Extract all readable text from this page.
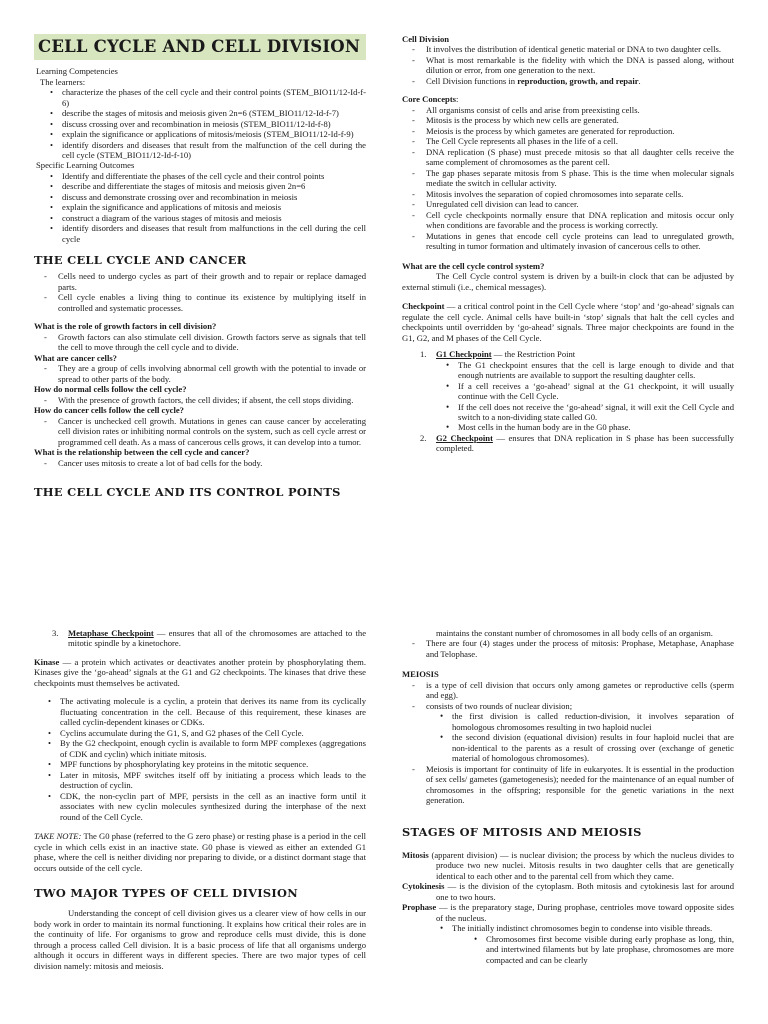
CELL CYCLE AND CELL DIVISION

Learning Competencies

The learners:

• characterize the phases of the cell cycle and their control points (STEM_BIO11/12-Id-f-6)
• describe the stages of mitosis and meiosis given 2n=6 (STEM_BIO11/12-Id-f-7)
• discuss crossing over and recombination in meiosis (STEM_BIO11/12-Id-f-8)
• explain the significance or applications of mitosis/meiosis (STEM_BIO11/12-Id-f-9)
• identify disorders and diseases that result from the malfunction of the cell during the cell cycle (STEM_BIO11/12-Id-f-10)

Specific Learning Outcomes

• Identify and differentiate the phases of the cell cycle and their control points
• describe and differentiate the stages of mitosis and meiosis given 2n=6
• discuss and demonstrate crossing over and recombination in meiosis
• explain the significance and applications of mitosis and meiosis
• construct a diagram of the various stages of mitosis and meiosis
• identify disorders and diseases that result from malfunctions in the cell during the cell cycle
THE CELL CYCLE AND CANCER
- Cells need to undergo cycles as part of their growth and to repair or replace damaged parts.
- Cell cycle enables a living thing to continue its existence by multiplying itself in controlled and systematic processes.

What is the role of growth factors in cell division?

- Growth factors can also stimulate cell division. Growth factors serve as signals that tell the cell to move through the cell cycle and to divide.

What are cancer cells?

- They are a group of cells involving abnormal cell growth with the potential to invade or spread to other parts of the body.

How do normal cells follow the cell cycle?

- With the presence of growth factors, the cell divides; if absent, the cell stops dividing.

How do cancer cells follow the cell cycle?

- Cancer is unchecked cell growth. Mutations in genes can cause cancer by accelerating cell division rates or inhibiting normal controls on the system, such as cell cycle arrest or programmed cell death. As a mass of cancerous cells grows, it can develop into a tumor.

What is the relationship between the cell cycle and cancer?

- Cancer uses mitosis to create a lot of bad cells for the body.
THE CELL CYCLE AND ITS CONTROL POINTS

Cell Division

- It involves the distribution of identical genetic material or DNA to two daughter cells.
- What is most remarkable is the fidelity with which the DNA is passed along, without dilution or error, from one generation to the next.
- Cell Division functions in reproduction, growth, and repair.

Core Concepts:

- All organisms consist of cells and arise from preexisting cells.
- Mitosis is the process by which new cells are generated.
- Meiosis is the process by which gametes are generated for reproduction.
- The Cell Cycle represents all phases in the life of a cell.
- DNA replication (S phase) must precede mitosis so that all daughter cells receive the same complement of chromosomes as the parent cell.
- The gap phases separate mitosis from S phase. This is the time when molecular signals mediate the switch in cellular activity.
- Mitosis involves the separation of copied chromosomes into separate cells.
- Unregulated cell division can lead to cancer.
- Cell cycle checkpoints normally ensure that DNA replication and mitosis occur only when conditions are favorable and the process is working correctly.
- Mutations in genes that encode cell cycle proteins can lead to unregulated growth, resulting in tumor formation and ultimately invasion of cancerous cells to other.

What are the cell cycle control system?

The Cell Cycle control system is driven by a built-in clock that can be adjusted by external stimuli (i.e., chemical messages).

Checkpoint — a critical control point in the Cell Cycle where ‘stop’ and ‘go-ahead’ signals can regulate the cell cycle. Animal cells have built-in ‘stop’ signals that halt the cell cycles and checkpoints until overridden by ‘go-ahead’ signals. Three major checkpoints are found in the G1, G2, and M phases of the Cell Cycle.

1. G1 Checkpoint — the Restriction Point
• The G1 checkpoint ensures that the cell is large enough to divide and that enough nutrients are available to support the resulting daughter cells.
• If a cell receives a ‘go-ahead’ signal at the G1 checkpoint, it will usually continue with the Cell Cycle.
• If the cell does not receive the ‘go-ahead’ signal, it will exit the Cell Cycle and switch to a non-dividing state called G0.
• Most cells in the human body are in the G0 phase.
2. G2 Checkpoint — ensures that DNA replication in S phase has been successfully completed.
3. Metaphase Checkpoint — ensures that all of the chromosomes are attached to the mitotic spindle by a kinetochore.

Kinase — a protein which activates or deactivates another protein by phosphorylating them. Kinases give the ‘go-ahead’ signals at the G1 and G2 checkpoints. The kinases that drive these checkpoints must themselves be activated.

• The activating molecule is a cyclin, a protein that derives its name from its cyclically fluctuating concentration in the cell. Because of this requirement, these kinases are called cyclin-dependent kinases or CDKs.
• Cyclins accumulate during the G1, S, and G2 phases of the Cell Cycle.
• By the G2 checkpoint, enough cyclin is available to form MPF complexes (aggregations of CDK and cyclin) which initiate mitosis.
• MPF functions by phosphorylating key proteins in the mitotic sequence.
• Later in mitosis, MPF switches itself off by initiating a process which leads to the destruction of cyclin.
• CDK, the non-cyclin part of MPF, persists in the cell as an inactive form until it associates with new cyclin molecules synthesized during the interphase of the next round of the Cell Cycle.

TAKE NOTE: The G0 phase (referred to the G zero phase) or resting phase is a period in the cell cycle in which cells exist in an inactive state. G0 phase is viewed as either an extended G1 phase, where the cell is neither dividing nor preparing to divide, or a distinct dormant stage that occurs outside of the cell cycle.

TWO MAJOR TYPES OF CELL DIVISION

Understanding the concept of cell division gives us a clearer view of how cells in our body work in order to maintain its normal functioning. It explains how critical their roles are in the continuity of life. For organisms to grow and reproduce cells must divide, this is done through a process called Cell division. It is a basic process of life that all organisms undergo although it occurs in different ways in different species. There are two major types of cell division namely: mitosis and meiosis.

maintains the constant number of chromosomes in all body cells of an organism.

- There are four (4) stages under the process of mitosis: Prophase, Metaphase, Anaphase and Telophase.

MEIOSIS

- is a type of cell division that occurs only among gametes or reproductive cells (sperm and egg).
- consists of two rounds of nuclear division;
• the first division is called reduction-division, it involves separation of homologous chromosomes resulting in two haploid nuclei
• the second division (equational division) results in four haploid nuclei that are non-identical to the parents as a result of crossing over (exchange of genetic material of homologous chromosomes).
- Meiosis is important for continuity of life in eukaryotes. It is essential in the production of sex cells/ gametes (gametogenesis); needed for the maintenance of an equal number of chromosomes in the offspring; responsible for the genetic variations in the next generation.
STAGES OF MITOSIS AND MEIOSIS

Mitosis (apparent division) — is nuclear division; the process by which the nucleus divides to produce two new nuclei. Mitosis results in two daughter cells that are genetically identical to each other and to the parental cell from which they came.

Cytokinesis — is the division of the cytoplasm. Both mitosis and cytokinesis last for around one to two hours.

Prophase — is the preparatory stage, During prophase, centrioles move toward opposite sides of the nucleus.

• The initially indistinct chromosomes begin to condense into visible threads.
• Chromosomes first become visible during early prophase as long, thin, and intertwined filaments but by late prophase, chromosomes are more compacted and can be clearly
